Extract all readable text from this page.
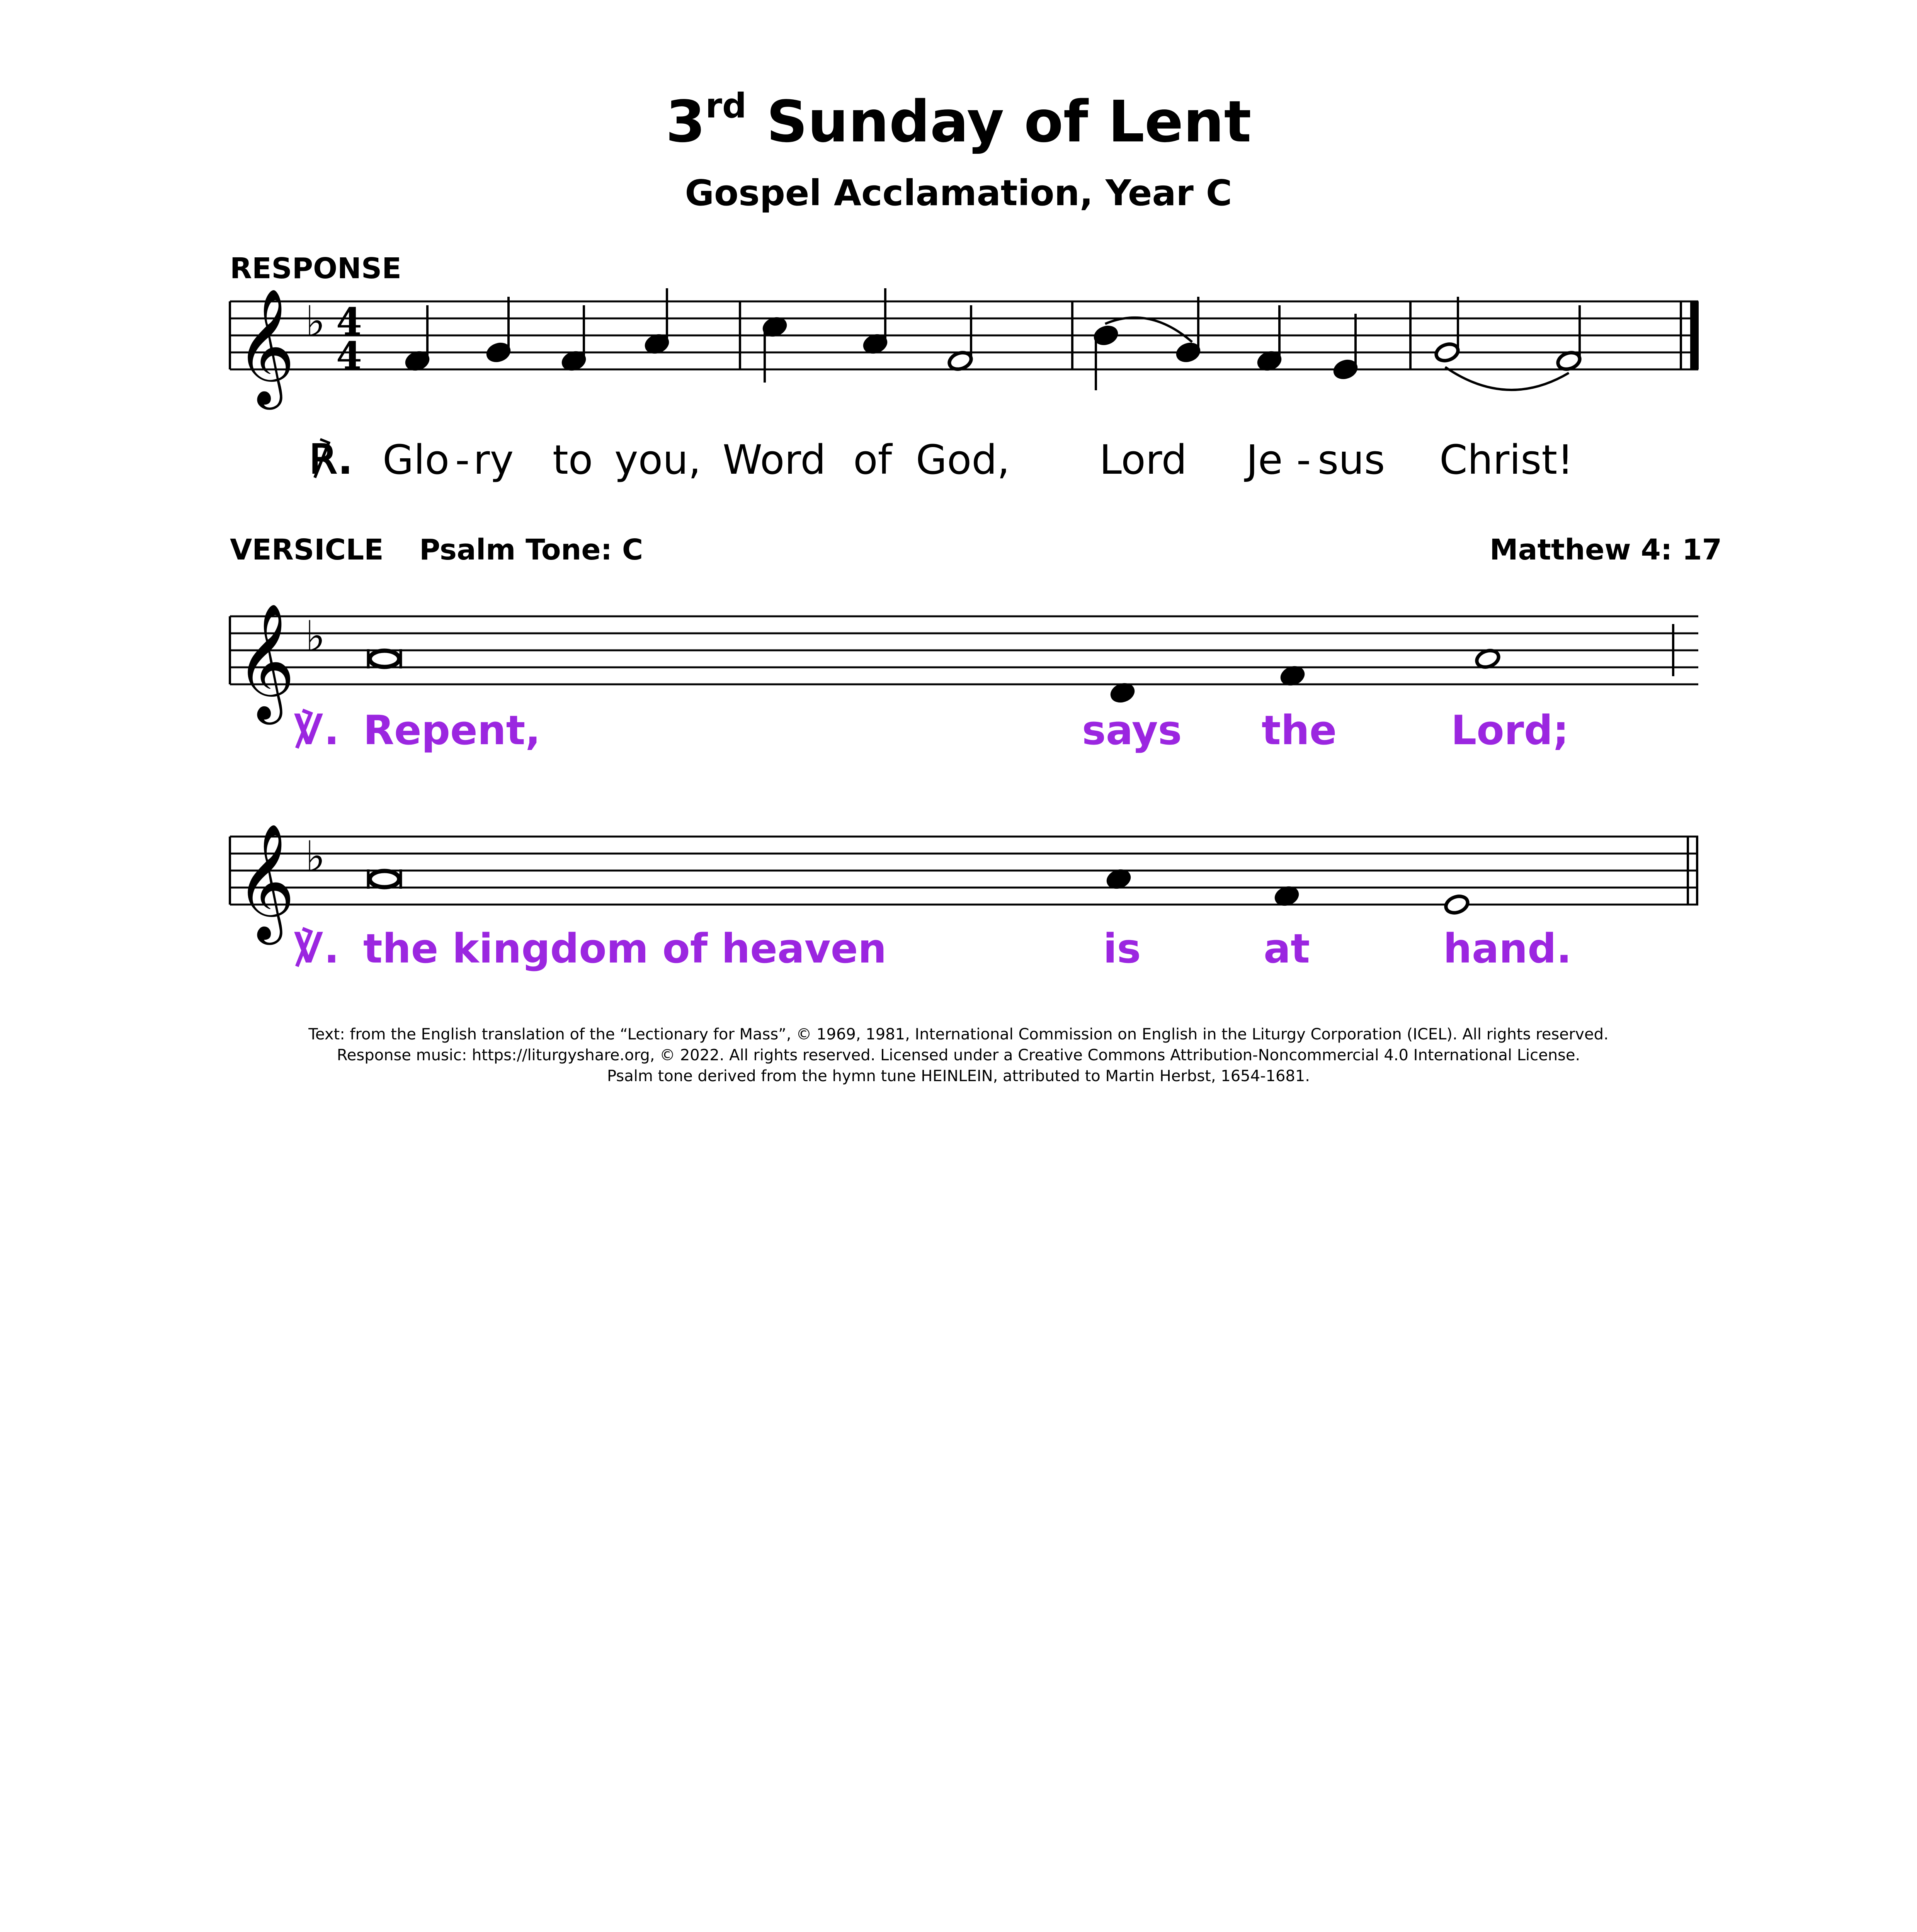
3rd Sunday of Lent
Gospel Acclamation, Year C
RESPONSE
𝄞 ♭ 4
4
𝄞 ♭
𝄞 ♭
℟. Glo - ry to you, Word of God, Lord Je - sus Christ!
VERSICLE Psalm Tone: C	Matthew 4: 17
℣. Repent,	says the	Lord;
℣. the kingdom of heaven	is	at	hand.
Text: from the English translation of the “Lectionary for Mass”, © 1969, 1981, International Commission on English in the Liturgy Corporation (ICEL). All rights reserved.
Response music: https://liturgyshare.org, © 2022. All rights reserved. Licensed under a Creative Commons Attribution-Noncommercial 4.0 International License.
Psalm tone derived from the hymn tune HEINLEIN, attributed to Martin Herbst, 1654-1681.
